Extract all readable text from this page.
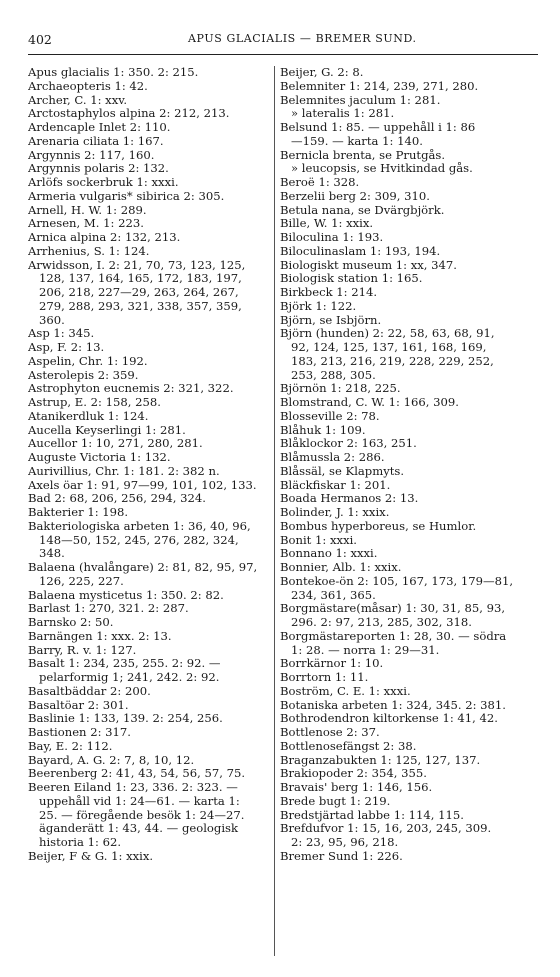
402	APUS GLACIALIS — BREMER SUND.
Apus glacialis 1: 350. 2: 215.
Archaeopteris 1: 42.
Archer, C. 1: xxv.
Arctostaphylos alpina 2: 212, 213.
Ardencaple Inlet 2: 110.
Arenaria ciliata 1: 167.
Argynnis 2: 117, 160.
Argynnis polaris 2: 132.
Arlöfs sockerbruk 1: xxxi.
Armeria vulgaris* sibirica 2: 305.
Arnell, H. W. 1: 289.
Arnesen, M. 1: 223.
Arnica alpina 2: 132, 213.
Arrhenius, S. 1: 124.
Arwidsson, I. 2: 21, 70, 73, 123, 125,
128, 137, 164, 165, 172, 183, 197,
206, 218, 227—29, 263, 264, 267,
279, 288, 293, 321, 338, 357, 359,
360.
Asp 1: 345.
Asp, F. 2: 13.
Aspelin, Chr. 1: 192.
Asterolepis 2: 359.
Astrophyton eucnemis 2: 321, 322.
Astrup, E. 2: 158, 258.
Atanikerdluk 1: 124.
Aucella Keyserlingi 1: 281.
Aucellor 1: 10, 271, 280, 281.
Auguste Victoria 1: 132.
Aurivillius, Chr. 1: 181. 2: 382 n.
Axels öar 1: 91, 97—99, 101, 102, 133.
Bad 2: 68, 206, 256, 294, 324.
Bakterier 1: 198.
Bakteriologiska arbeten 1: 36, 40, 96,
148—50, 152, 245, 276, 282, 324,
348.
Balaena (hvalångare) 2: 81, 82, 95, 97,
126, 225, 227.
Balaena mysticetus 1: 350. 2: 82.
Barlast 1: 270, 321. 2: 287.
Barnsko 2: 50.
Barnängen 1: xxx. 2: 13.
Barry, R. v. 1: 127.
Basalt 1: 234, 235, 255. 2: 92. —
pelarformig 1; 241, 242. 2: 92.
Basaltbäddar 2: 200.
Basaltöar 2: 301.
Baslinie 1: 133, 139. 2: 254, 256.
Bastionen 2: 317.
Bay, E. 2: 112.
Bayard, A. G. 2: 7, 8, 10, 12.
Beerenberg 2: 41, 43, 54, 56, 57, 75.
Beeren Eiland 1: 23, 336. 2: 323. —
uppehåll vid 1: 24—61. — karta 1:
25. — föregående besök 1: 24—27.
äganderätt 1: 43, 44. — geologisk
historia 1: 62.
Beijer, F & G. 1: xxix.
Beijer, G. 2: 8.
Belemniter 1: 214, 239, 271, 280.
Belemnites jaculum 1: 281.
» lateralis 1: 281.
Belsund 1: 85. — uppehåll i 1: 86
—159. — karta 1: 140.
Bernicla brenta, se Prutgås.
» leucopsis, se Hvitkindad gås.
Beroë 1: 328.
Berzelii berg 2: 309, 310.
Betula nana, se Dvärgbjörk.
Bille, W. 1: xxix.
Biloculina 1: 193.
Biloculinaslam 1: 193, 194.
Biologiskt museum 1: xx, 347.
Biologisk station 1: 165.
Birkbeck 1: 214.
Björk 1: 122.
Björn, se Isbjörn.
Björn (hunden) 2: 22, 58, 63, 68, 91,
92, 124, 125, 137, 161, 168, 169,
183, 213, 216, 219, 228, 229, 252,
253, 288, 305.
Björnön 1: 218, 225.
Blomstrand, C. W. 1: 166, 309.
Blosseville 2: 78.
Blåhuk 1: 109.
Blåklockor 2: 163, 251.
Blåmussla 2: 286.
Blåssäl, se Klapmyts.
Bläckfiskar 1: 201.
Boada Hermanos 2: 13.
Bolinder, J. 1: xxix.
Bombus hyperboreus, se Humlor.
Bonit 1: xxxi.
Bonnano 1: xxxi.
Bonnier, Alb. 1: xxix.
Bontekoe-ön 2: 105, 167, 173, 179—81,
234, 361, 365.
Borgmästare(måsar) 1: 30, 31, 85, 93,
296. 2: 97, 213, 285, 302, 318.
Borgmästareporten 1: 28, 30. — södra
1: 28. — norra 1: 29—31.
Borrkärnor 1: 10.
Borrtorn 1: 11.
Boström, C. E. 1: xxxi.
Botaniska arbeten 1: 324, 345. 2: 381.
Bothrodendron kiltorkense 1: 41, 42.
Bottlenose 2: 37.
Bottlenosefängst 2: 38.
Braganzabukten 1: 125, 127, 137.
Brakiopoder 2: 354, 355.
Bravais' berg 1: 146, 156.
Brede bugt 1: 219.
Bredstjärtad labbe 1: 114, 115.
Brefdufvor 1: 15, 16, 203, 245, 309.
2: 23, 95, 96, 218.
Bremer Sund 1: 226.
